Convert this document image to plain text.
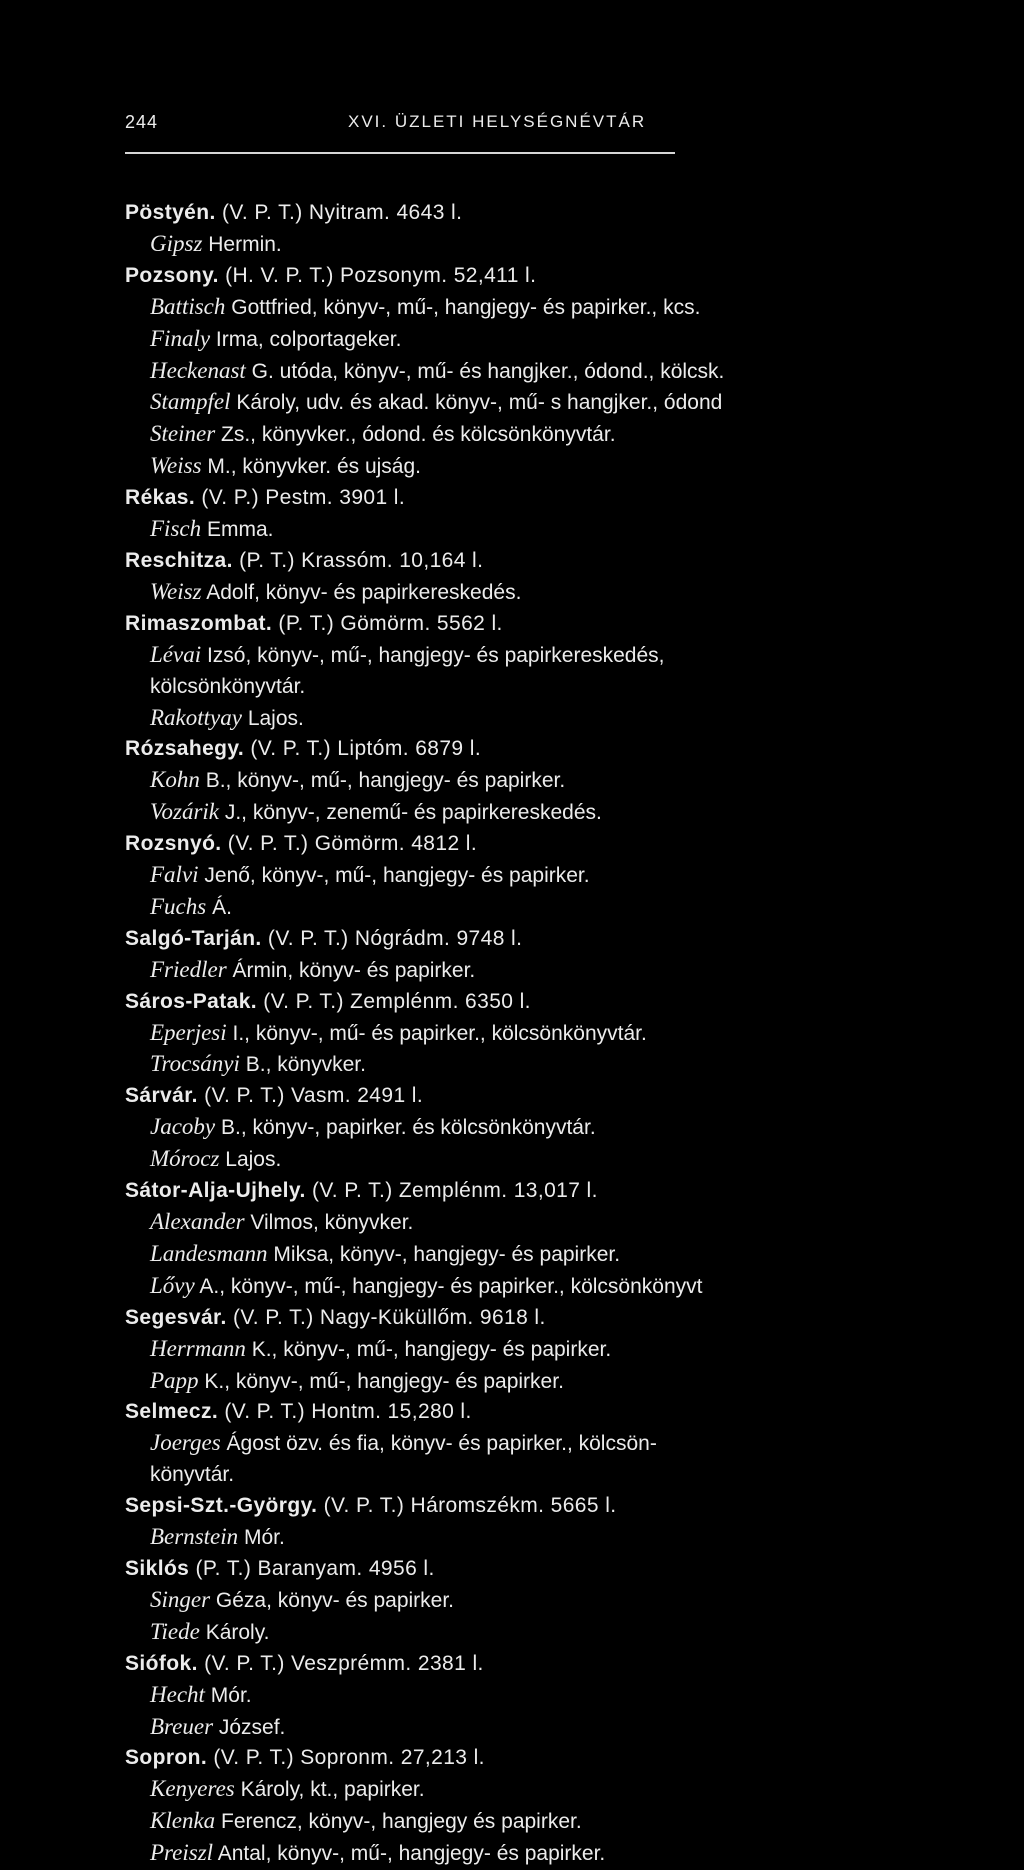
244	XVI. ÜZLETI HELYSÉGNÉVTÁR
Pöstyén. (V. P. T.) Nyitram. 4643 l.
Gipsz Hermin.
Pozsony. (H. V. P. T.) Pozsonym. 52,411 l.
Battisch Gottfried, könyv-, mű-, hangjegy- és papirker., kcs.
Finaly Irma, colportageker.
Heckenast G. utóda, könyv-, mű- és hangjker., ódond., kölcsk.
Stampfel Károly, udv. és akad. könyv-, mű- s hangjker., ódond
Steiner Zs., könyvker., ódond. és kölcsönkönyvtár.
Weiss M., könyvker. és ujság.
Rékas. (V. P.) Pestm. 3901 l.
Fisch Emma.
Reschitza. (P. T.) Krassóm. 10,164 l.
Weisz Adolf, könyv- és papirkereskedés.
Rimaszombat. (P. T.) Gömörm. 5562 l.
Lévai Izsó, könyv-, mű-, hangjegy- és papirkereskedés,
kölcsönkönyvtár.
Rakottyay Lajos.
Rózsahegy. (V. P. T.) Liptóm. 6879 l.
Kohn B., könyv-, mű-, hangjegy- és papirker.
Vozárik J., könyv-, zenemű- és papirkereskedés.
Rozsnyó. (V. P. T.) Gömörm. 4812 l.
Falvi Jenő, könyv-, mű-, hangjegy- és papirker.
Fuchs Á.
Salgó-Tarján. (V. P. T.) Nógrádm. 9748 l.
Friedler Ármin, könyv- és papirker.
Sáros-Patak. (V. P. T.) Zemplénm. 6350 l.
Eperjesi I., könyv-, mű- és papirker., kölcsönkönyvtár.
Trocsányi B., könyvker.
Sárvár. (V. P. T.) Vasm. 2491 l.
Jacoby B., könyv-, papirker. és kölcsönkönyvtár.
Mórocz Lajos.
Sátor-Alja-Ujhely. (V. P. T.) Zemplénm. 13,017 l.
Alexander Vilmos, könyvker.
Landesmann Miksa, könyv-, hangjegy- és papirker.
Lővy A., könyv-, mű-, hangjegy- és papirker., kölcsönkönyvt
Segesvár. (V. P. T.) Nagy-Küküllőm. 9618 l.
Herrmann K., könyv-, mű-, hangjegy- és papirker.
Papp K., könyv-, mű-, hangjegy- és papirker.
Selmecz. (V. P. T.) Hontm. 15,280 l.
Joerges Ágost özv. és fia, könyv- és papirker., kölcsön-
könyvtár.
Sepsi-Szt.-György. (V. P. T.) Háromszékm. 5665 l.
Bernstein Mór.
Siklós (P. T.) Baranyam. 4956 l.
Singer Géza, könyv- és papirker.
Tiede Károly.
Siófok. (V. P. T.) Veszprémm. 2381 l.
Hecht Mór.
Breuer József.
Sopron. (V. P. T.) Sopronm. 27,213 l.
Kenyeres Károly, kt., papirker.
Klenka Ferencz, könyv-, hangjegy és papirker.
Preiszl Antal, könyv-, mű-, hangjegy- és papirker.
